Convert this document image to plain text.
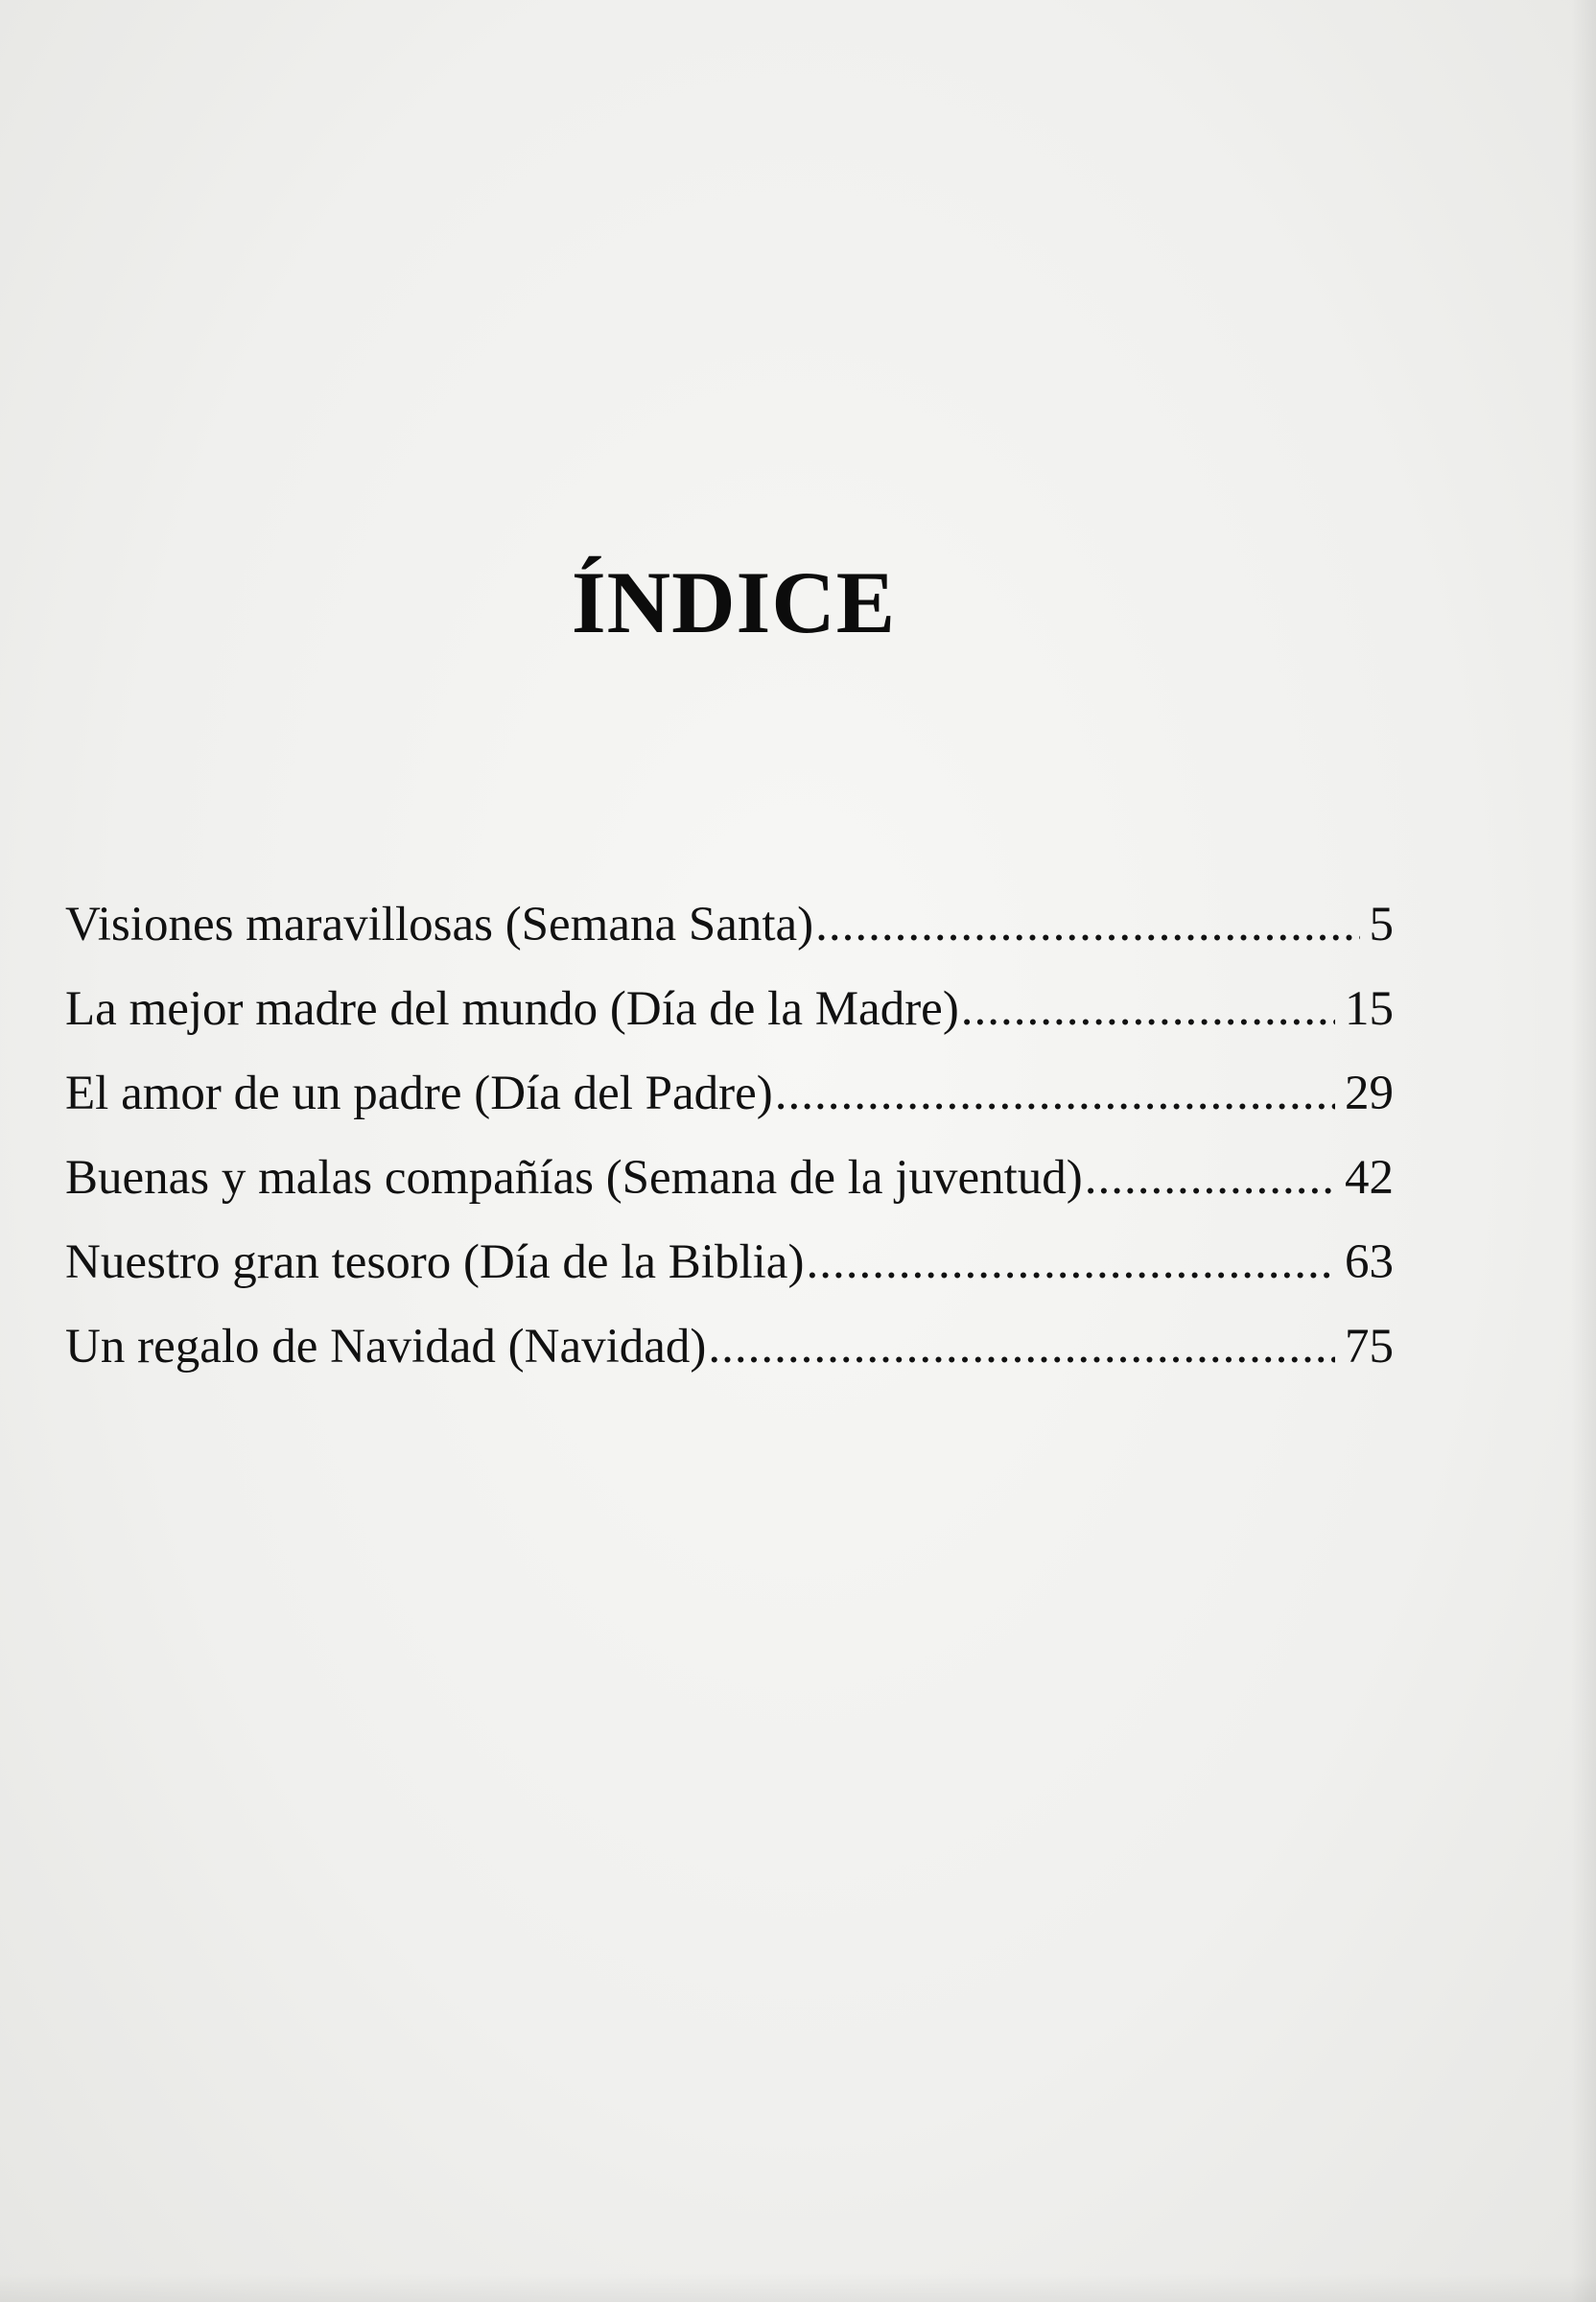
ÍNDICE
Visiones maravillosas (Semana Santa) .....	5
La mejor madre del mundo (Día de la Madre) .....	15
El amor de un padre (Día del Padre) .....	29
Buenas y malas compañías (Semana de la juventud) .....	42
Nuestro gran tesoro (Día de la Biblia) .....	63
Un regalo de Navidad (Navidad) .....	75
